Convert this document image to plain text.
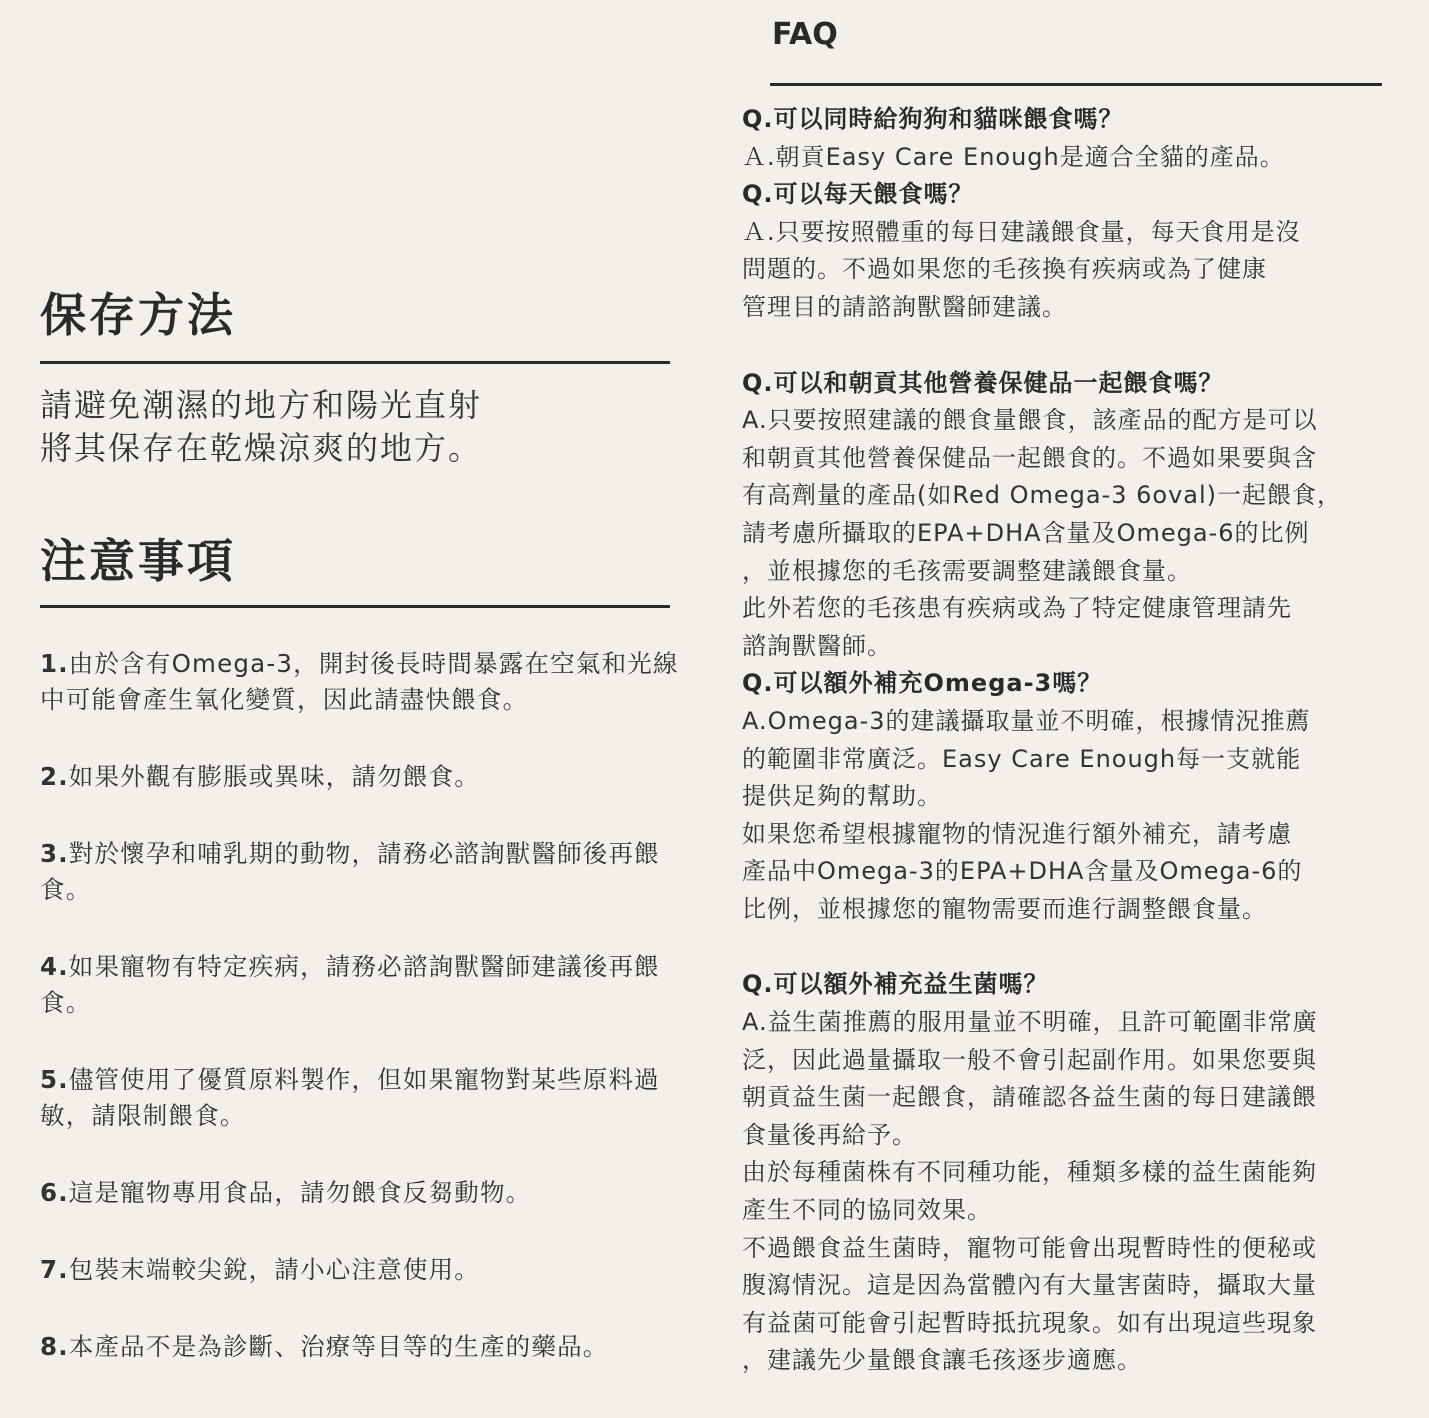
保存方法
請避免潮濕的地方和陽光直射
將其保存在乾燥涼爽的地方。
注意事項
1.由於含有Omega-3，開封後長時間暴露在空氣和光線中可能會產生氧化變質，因此請盡快餵食。
2.如果外觀有膨脹或異味，請勿餵食。
3.對於懷孕和哺乳期的動物，請務必諮詢獸醫師後再餵食。
4.如果寵物有特定疾病，請務必諮詢獸醫師建議後再餵食。
5.儘管使用了優質原料製作，但如果寵物對某些原料過敏，請限制餵食。
6.這是寵物專用食品，請勿餵食反芻動物。
7.包裝末端較尖銳，請小心注意使用。
8.本產品不是為診斷、治療等目等的生產的藥品。
FAQ
Q.可以同時給狗狗和貓咪餵食嗎？
Ａ.朝貢Easy Care Enough是適合全貓的產品。
Q.可以每天餵食嗎？
Ａ.只要按照體重的每日建議餵食量，每天食用是沒
問題的。不過如果您的毛孩換有疾病或為了健康
管理目的請諮詢獸醫師建議。
Q.可以和朝貢其他營養保健品一起餵食嗎？
A.只要按照建議的餵食量餵食，該產品的配方是可以
和朝貢其他營養保健品一起餵食的。不過如果要與含
有高劑量的產品(如Red Omega-3 6oval)一起餵食，
請考慮所攝取的EPA+DHA含量及Omega-6的比例
，並根據您的毛孩需要調整建議餵食量。
此外若您的毛孩患有疾病或為了特定健康管理請先
諮詢獸醫師。
Q.可以額外補充Omega-3嗎？
A.Omega-3的建議攝取量並不明確，根據情況推薦
的範圍非常廣泛。Easy Care Enough每一支就能
提供足夠的幫助。
如果您希望根據寵物的情況進行額外補充，請考慮
產品中Omega-3的EPA+DHA含量及Omega-6的
比例，並根據您的寵物需要而進行調整餵食量。
Q.可以額外補充益生菌嗎？
A.益生菌推薦的服用量並不明確，且許可範圍非常廣
泛，因此過量攝取一般不會引起副作用。如果您要與
朝貢益生菌一起餵食，請確認各益生菌的每日建議餵
食量後再給予。
由於每種菌株有不同種功能，種類多樣的益生菌能夠
產生不同的協同效果。
不過餵食益生菌時，寵物可能會出現暫時性的便秘或
腹瀉情況。這是因為當體內有大量害菌時，攝取大量
有益菌可能會引起暫時抵抗現象。如有出現這些現象
，建議先少量餵食讓毛孩逐步適應。
